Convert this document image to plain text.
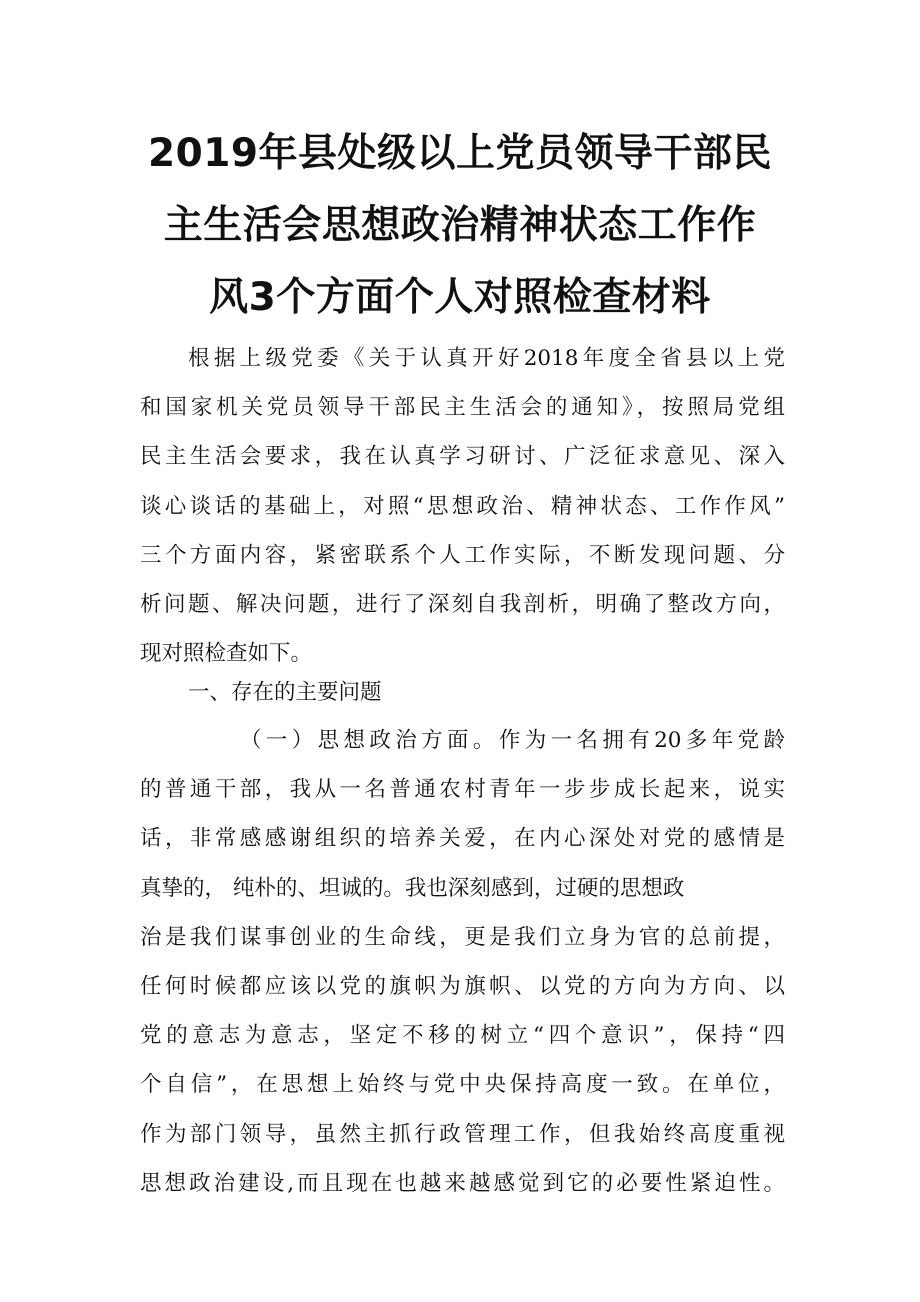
2019年县处级以上党员领导干部民
主生活会思想政治精神状态工作作
风3个方面个人对照检查材料
根据上级党委《关于认真开好2018年度全省县以上党
和国家机关党员领导干部民主生活会的通知》，按照局党组
民主生活会要求，我在认真学习研讨、广泛征求意见、深入
谈心谈话的基础上，对照“思想政治、精神状态、工作作风”
三个方面内容，紧密联系个人工作实际，不断发现问题、分
析问题、解决问题，进行了深刻自我剖析，明确了整改方向，
现对照检查如下。
一、存在的主要问题
（一）思想政治方面。作为一名拥有20多年党龄
的普通干部，我从一名普通农村青年一步步成长起来，说实
话，非常感感谢组织的培养关爱，在内心深处对党的感情是
真挚的， 纯朴的、坦诚的。我也深刻感到，过硬的思想政
治是我们谋事创业的生命线，更是我们立身为官的总前提，
任何时候都应该以党的旗帜为旗帜、以党的方向为方向、以
党的意志为意志，坚定不移的树立“四个意识”，保持“四
个自信”，在思想上始终与党中央保持高度一致。在单位，
作为部门领导，虽然主抓行政管理工作，但我始终高度重视
思想政治建设,而且现在也越来越感觉到它的必要性紧迫性。
